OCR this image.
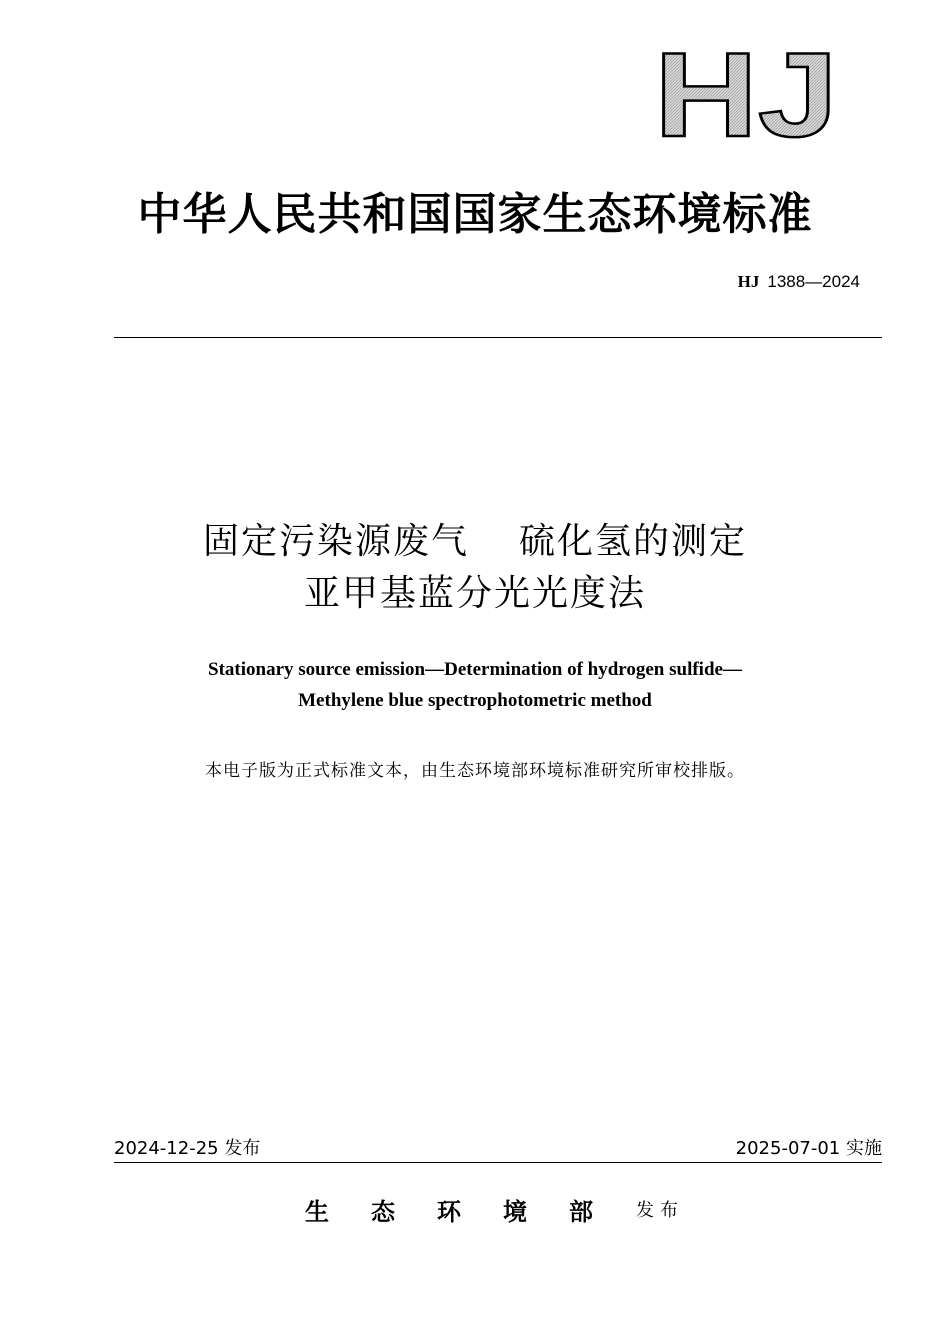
HJ
中华人民共和国国家生态环境标准
HJ 1388—2024
固定污染源废气 硫化氢的测定
亚甲基蓝分光光度法
Stationary source emission—Determination of hydrogen sulfide—
Methylene blue spectrophotometric method
本电子版为正式标准文本，由生态环境部环境标准研究所审校排版。
2024-12-25 发布	2025-07-01 实施
生态环境部 发布
